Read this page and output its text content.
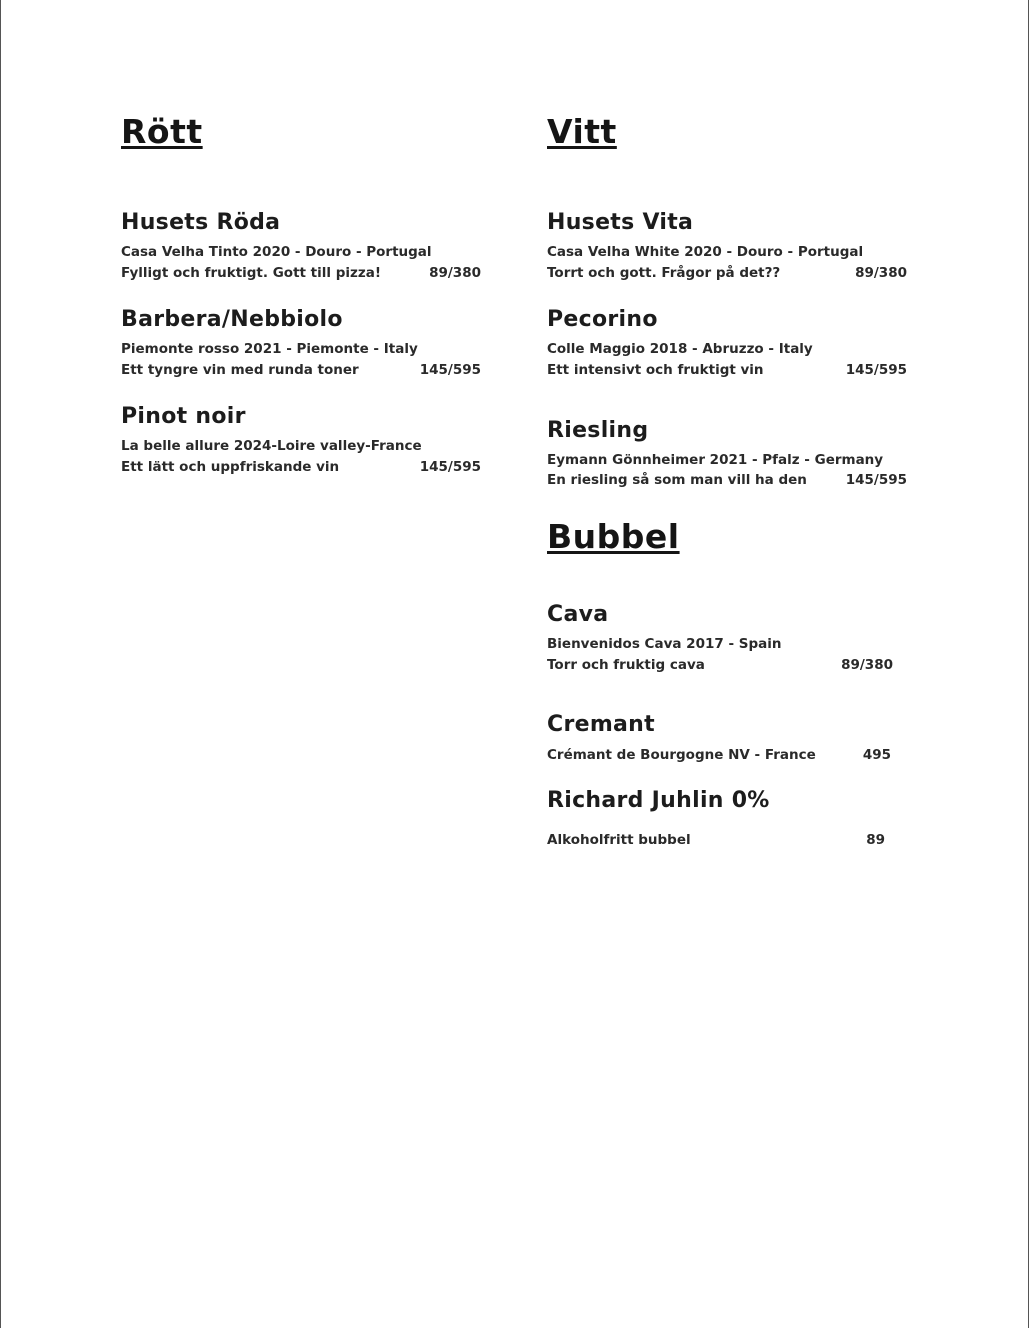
Rött
Husets Röda
Casa Velha Tinto 2020 - Douro - Portugal
Fylligt och fruktigt. Gott till pizza!	89/380
Barbera/Nebbiolo
Piemonte rosso 2021 - Piemonte - Italy
Ett tyngre vin med runda toner	145/595
Pinot noir
La belle allure 2024-Loire valley-France
Ett lätt och uppfriskande vin	145/595
Vitt
Husets Vita
Casa Velha White 2020 - Douro - Portugal
Torrt och gott. Frågor på det??	89/380
Pecorino
Colle Maggio 2018 - Abruzzo - Italy
Ett intensivt och fruktigt vin	145/595
Riesling
Eymann Gönnheimer 2021 - Pfalz - Germany
En riesling så som man vill ha den	145/595
Bubbel
Cava
Bienvenidos Cava 2017 - Spain
Torr och fruktig cava	89/380
Cremant
Crémant de Bourgogne NV - France	495
Richard Juhlin 0%
Alkoholfritt bubbel	89
